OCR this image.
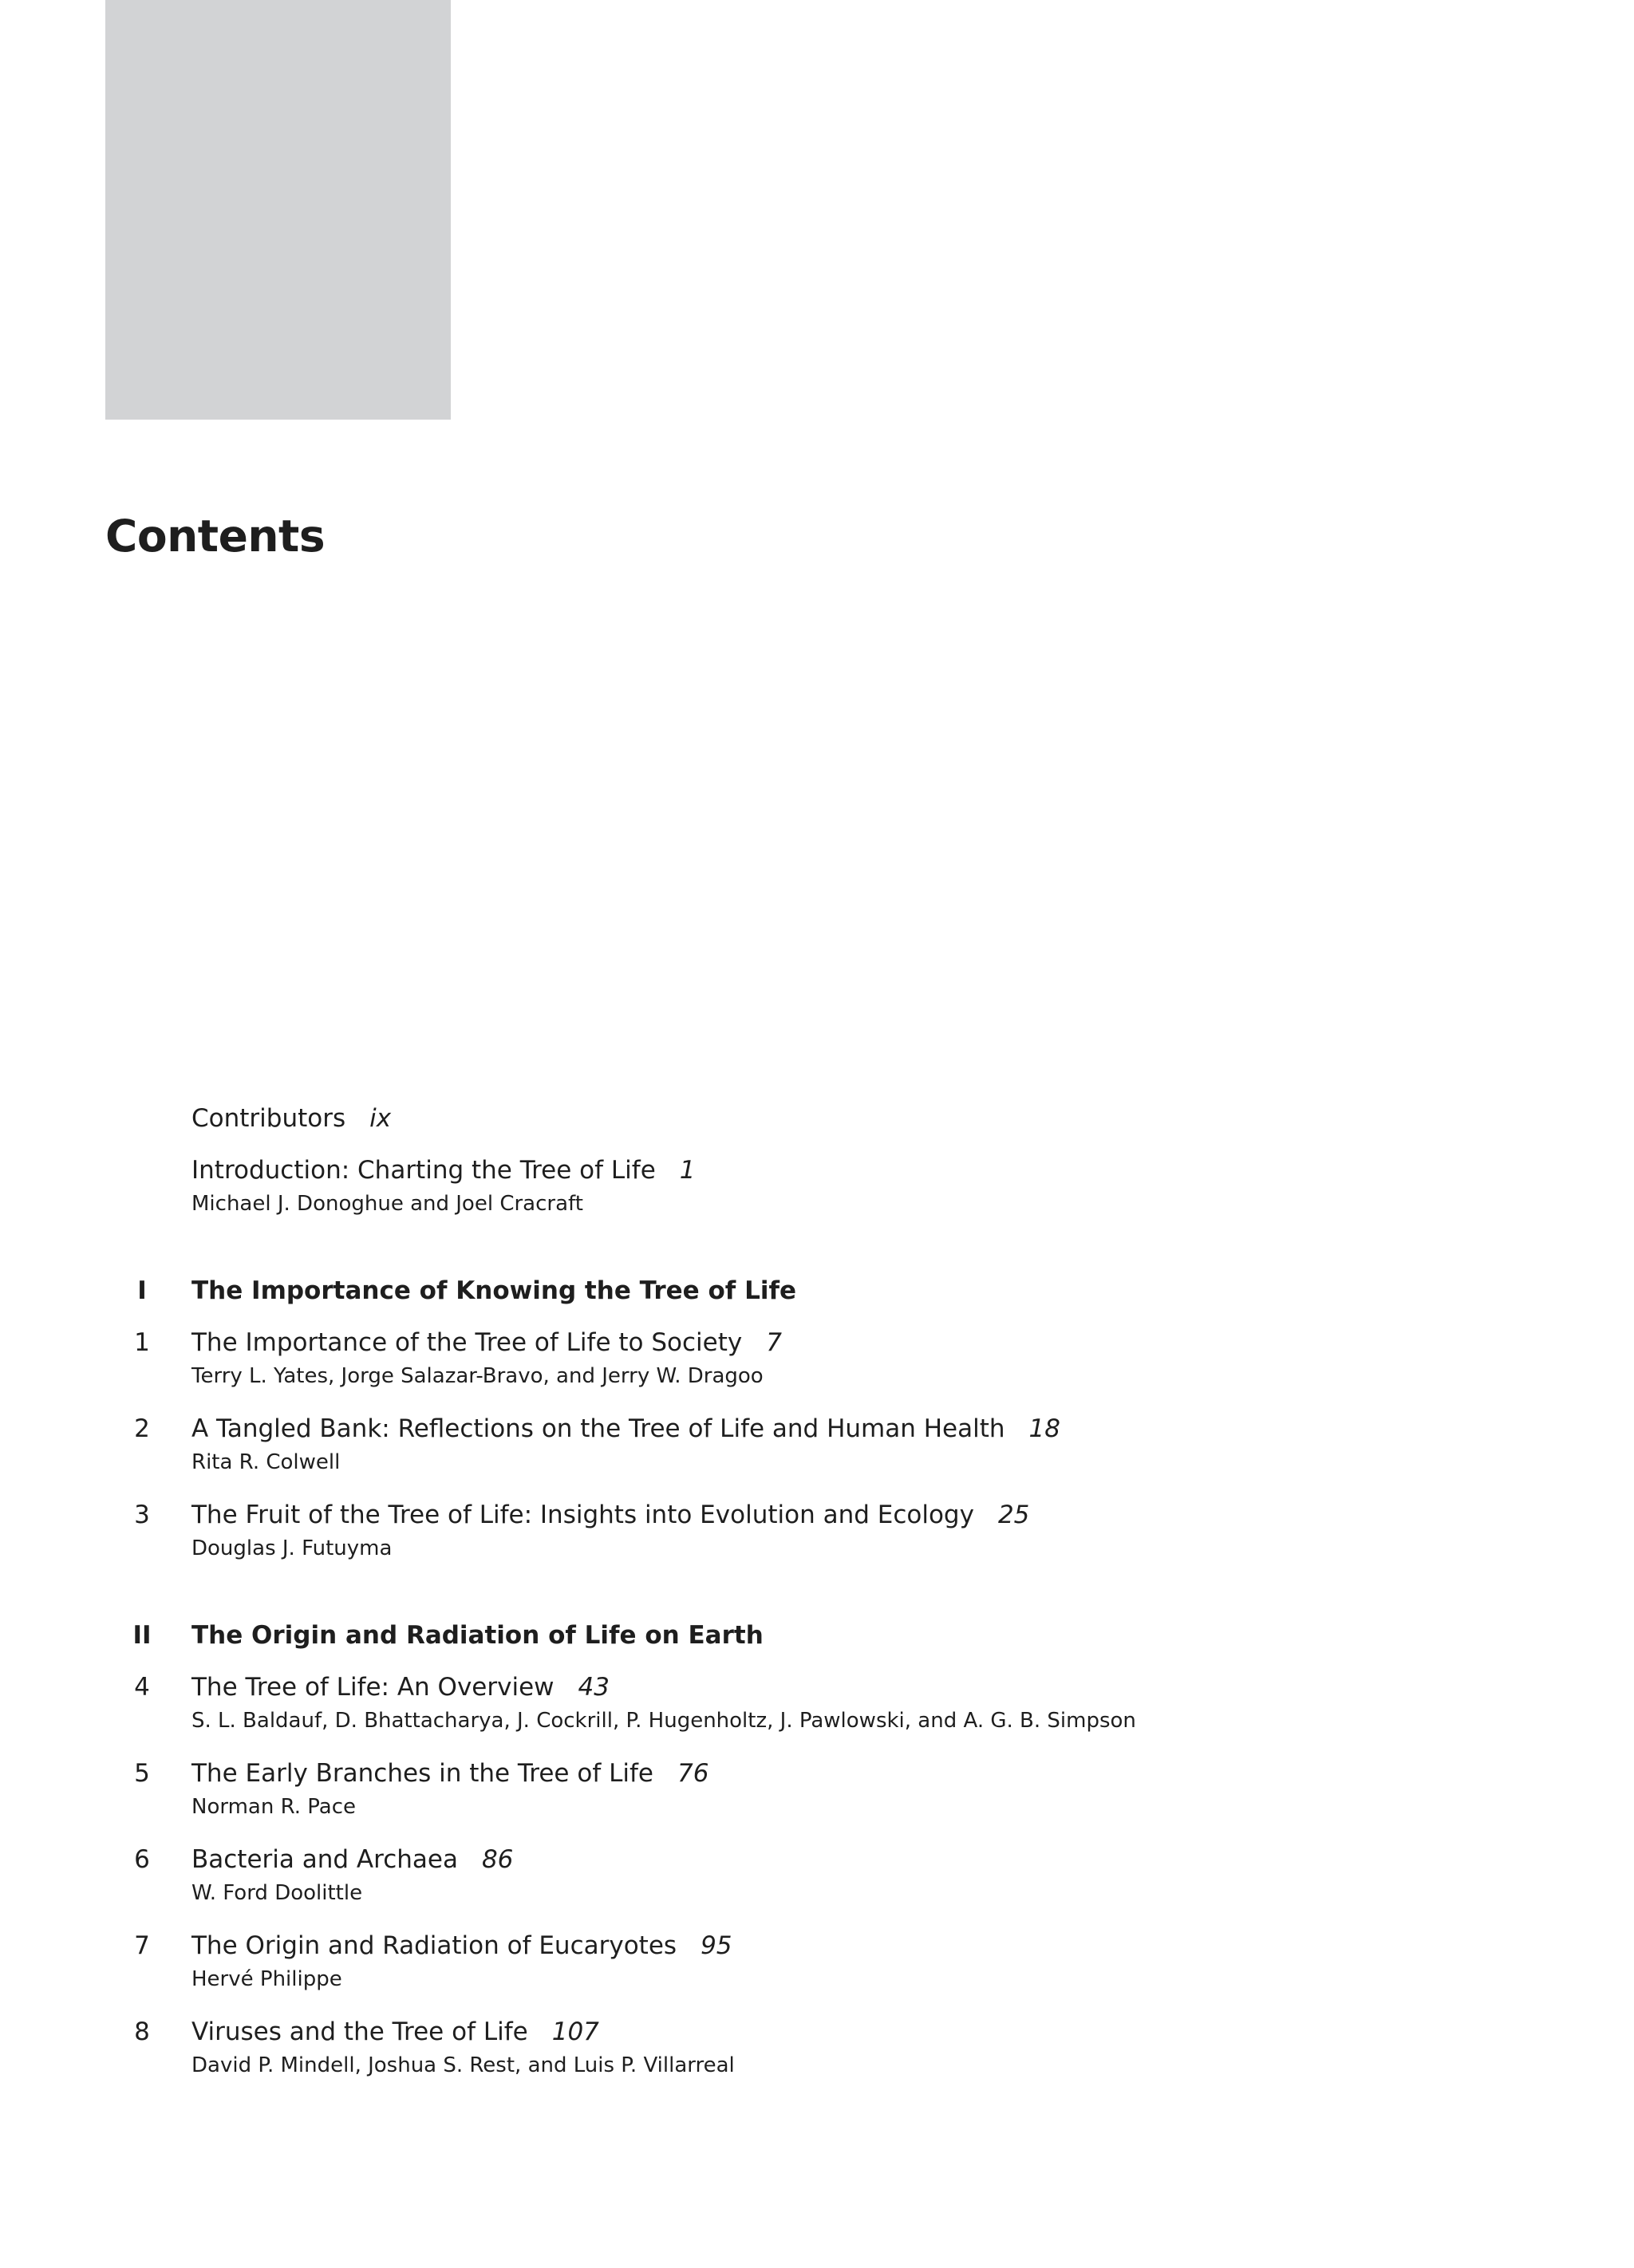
Contents
Contributors ix
Introduction: Charting the Tree of Life 1
Michael J. Donoghue and Joel Cracraft
I	The Importance of Knowing the Tree of Life
1 The Importance of the Tree of Life to Society 7
Terry L. Yates, Jorge Salazar-Bravo, and Jerry W. Dragoo
2 A Tangled Bank: Reflections on the Tree of Life and Human Health 18
Rita R. Colwell
3 The Fruit of the Tree of Life: Insights into Evolution and Ecology 25
Douglas J. Futuyma
II The Origin and Radiation of Life on Earth
4 The Tree of Life: An Overview 43
S. L. Baldauf, D. Bhattacharya, J. Cockrill, P. Hugenholtz, J. Pawlowski, and A. G. B. Simpson
5 The Early Branches in the Tree of Life 76
Norman R. Pace
6 Bacteria and Archaea 86
W. Ford Doolittle
7 The Origin and Radiation of Eucaryotes 95
Hervé Philippe
8 Viruses and the Tree of Life 107
David P. Mindell, Joshua S. Rest, and Luis P. Villarreal
